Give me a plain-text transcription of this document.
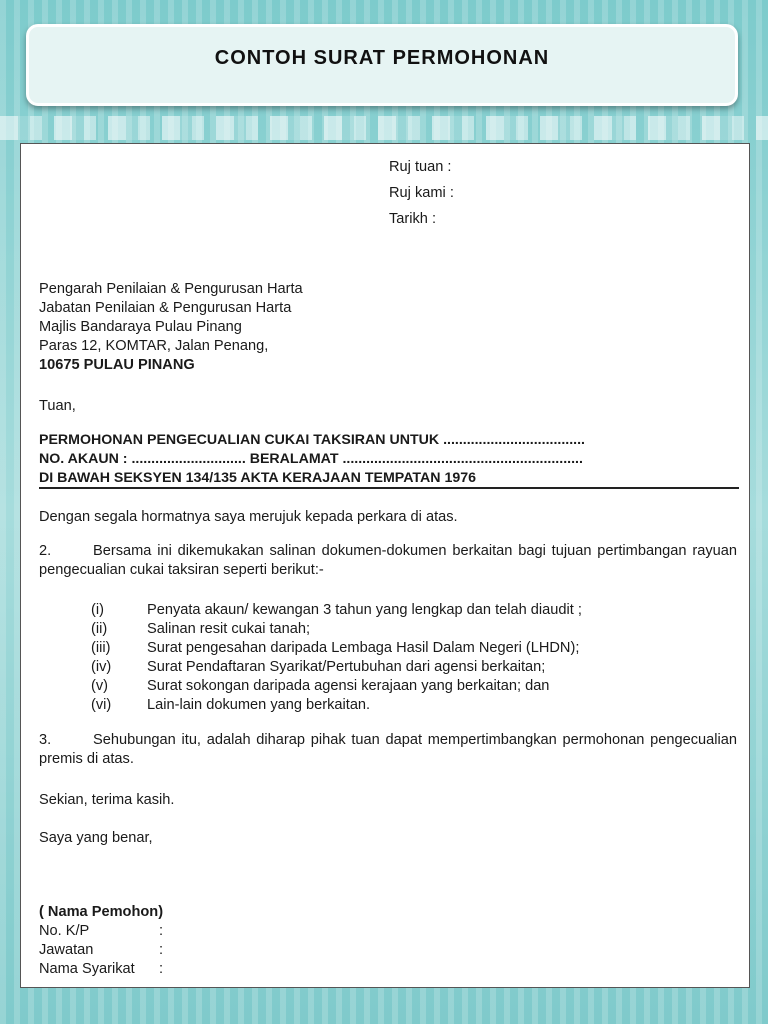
CONTOH SURAT PERMOHONAN
Ruj tuan :
Ruj kami :
Tarikh :
Pengarah Penilaian & Pengurusan Harta
Jabatan Penilaian & Pengurusan Harta
Majlis Bandaraya Pulau Pinang
Paras 12, KOMTAR, Jalan Penang,
10675 PULAU PINANG
Tuan,
PERMOHONAN PENGECUALIAN CUKAI TAKSIRAN UNTUK ....................................
NO. AKAUN : ............................. BERALAMAT .............................................................
DI BAWAH SEKSYEN 134/135 AKTA KERAJAAN TEMPATAN 1976
Dengan segala hormatnya saya merujuk kepada perkara di atas.
2.	Bersama ini dikemukakan salinan dokumen-dokumen berkaitan bagi tujuan pertimbangan rayuan pengecualian cukai taksiran seperti berikut:-
(i)	Penyata akaun/ kewangan 3 tahun yang lengkap dan telah diaudit ;
(ii)	Salinan resit cukai tanah;
(iii)	Surat pengesahan daripada Lembaga Hasil Dalam Negeri (LHDN);
(iv)	Surat Pendaftaran Syarikat/Pertubuhan dari agensi berkaitan;
(v)	Surat sokongan daripada agensi kerajaan yang berkaitan; dan
(vi)	Lain-lain dokumen yang berkaitan.
3.	Sehubungan itu, adalah diharap pihak tuan dapat mempertimbangkan permohonan pengecualian premis di atas.
Sekian, terima kasih.
Saya yang benar,
( Nama Pemohon)
No. K/P	:
Jawatan	:
Nama Syarikat	:
